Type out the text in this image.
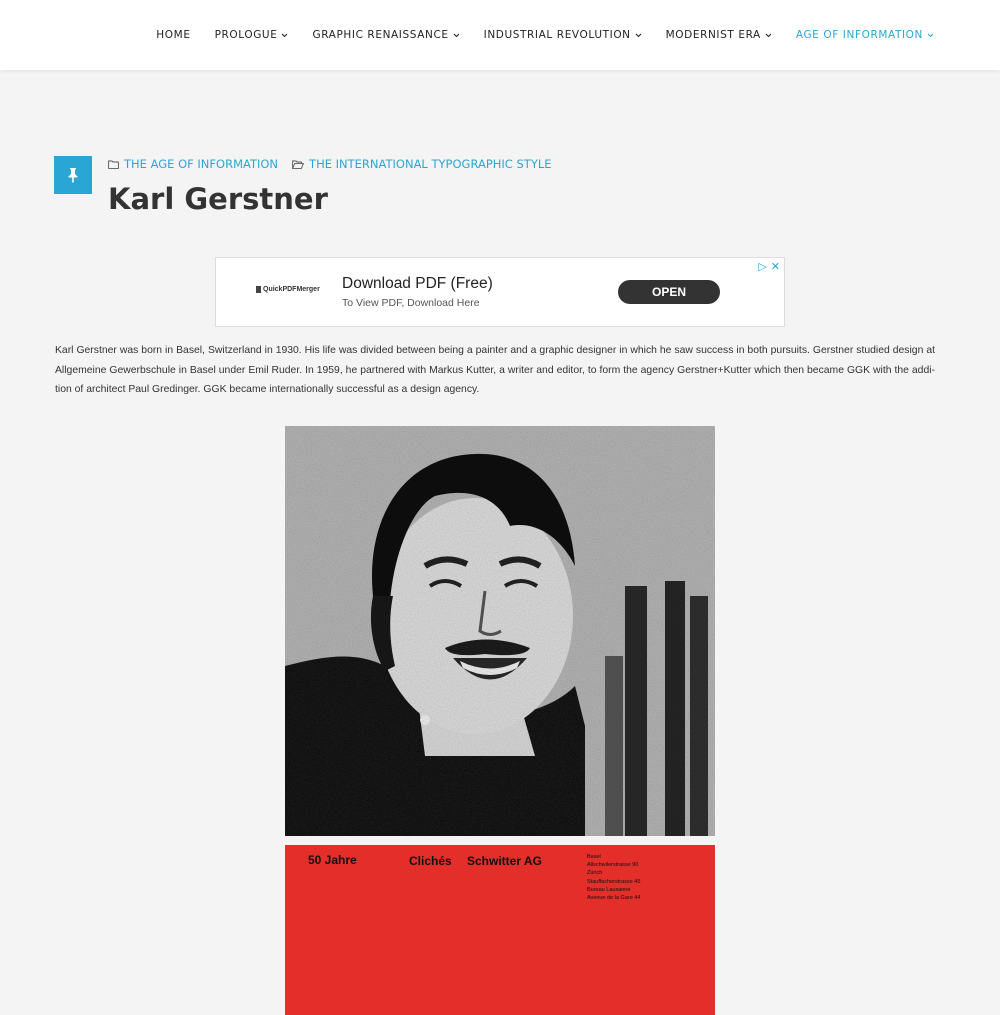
HOME PROLOGUE	GRAPHIC RENAISSANCE	INDUSTRIAL REVOLUTION	MODERNIST ERA	AGE OF INFORMATION
THE AGE OF INFORMATION	THE INTERNATIONAL TYPOGRAPHIC STYLE
Karl Gerstner
QuickPDFMerger Download PDF (Free)
To View PDF, Download Here
OPEN
▷ ✕

Karl Gerstner was born in Basel, Switzerland in 1930. His life was divided between being a painter and a graphic designer in which he saw success in both pursuits. Gerstner studied design at Allgemeine Gewerbschule in Basel under Emil Ruder. In 1959, he partnered with Markus Kutter, a writer and editor, to form the agency Gerstner+Kutter which then became GGK with the addi-tion of architect Paul Gredinger. GGK became internationally successful as a design agency.

50 Jahre	Clichés Schwitter AG	Basel
Allschwilerstrasse 90
Zürich
Stauffacherstrasse 45
Bureau Lausanne
Avenue de la Gare 44
